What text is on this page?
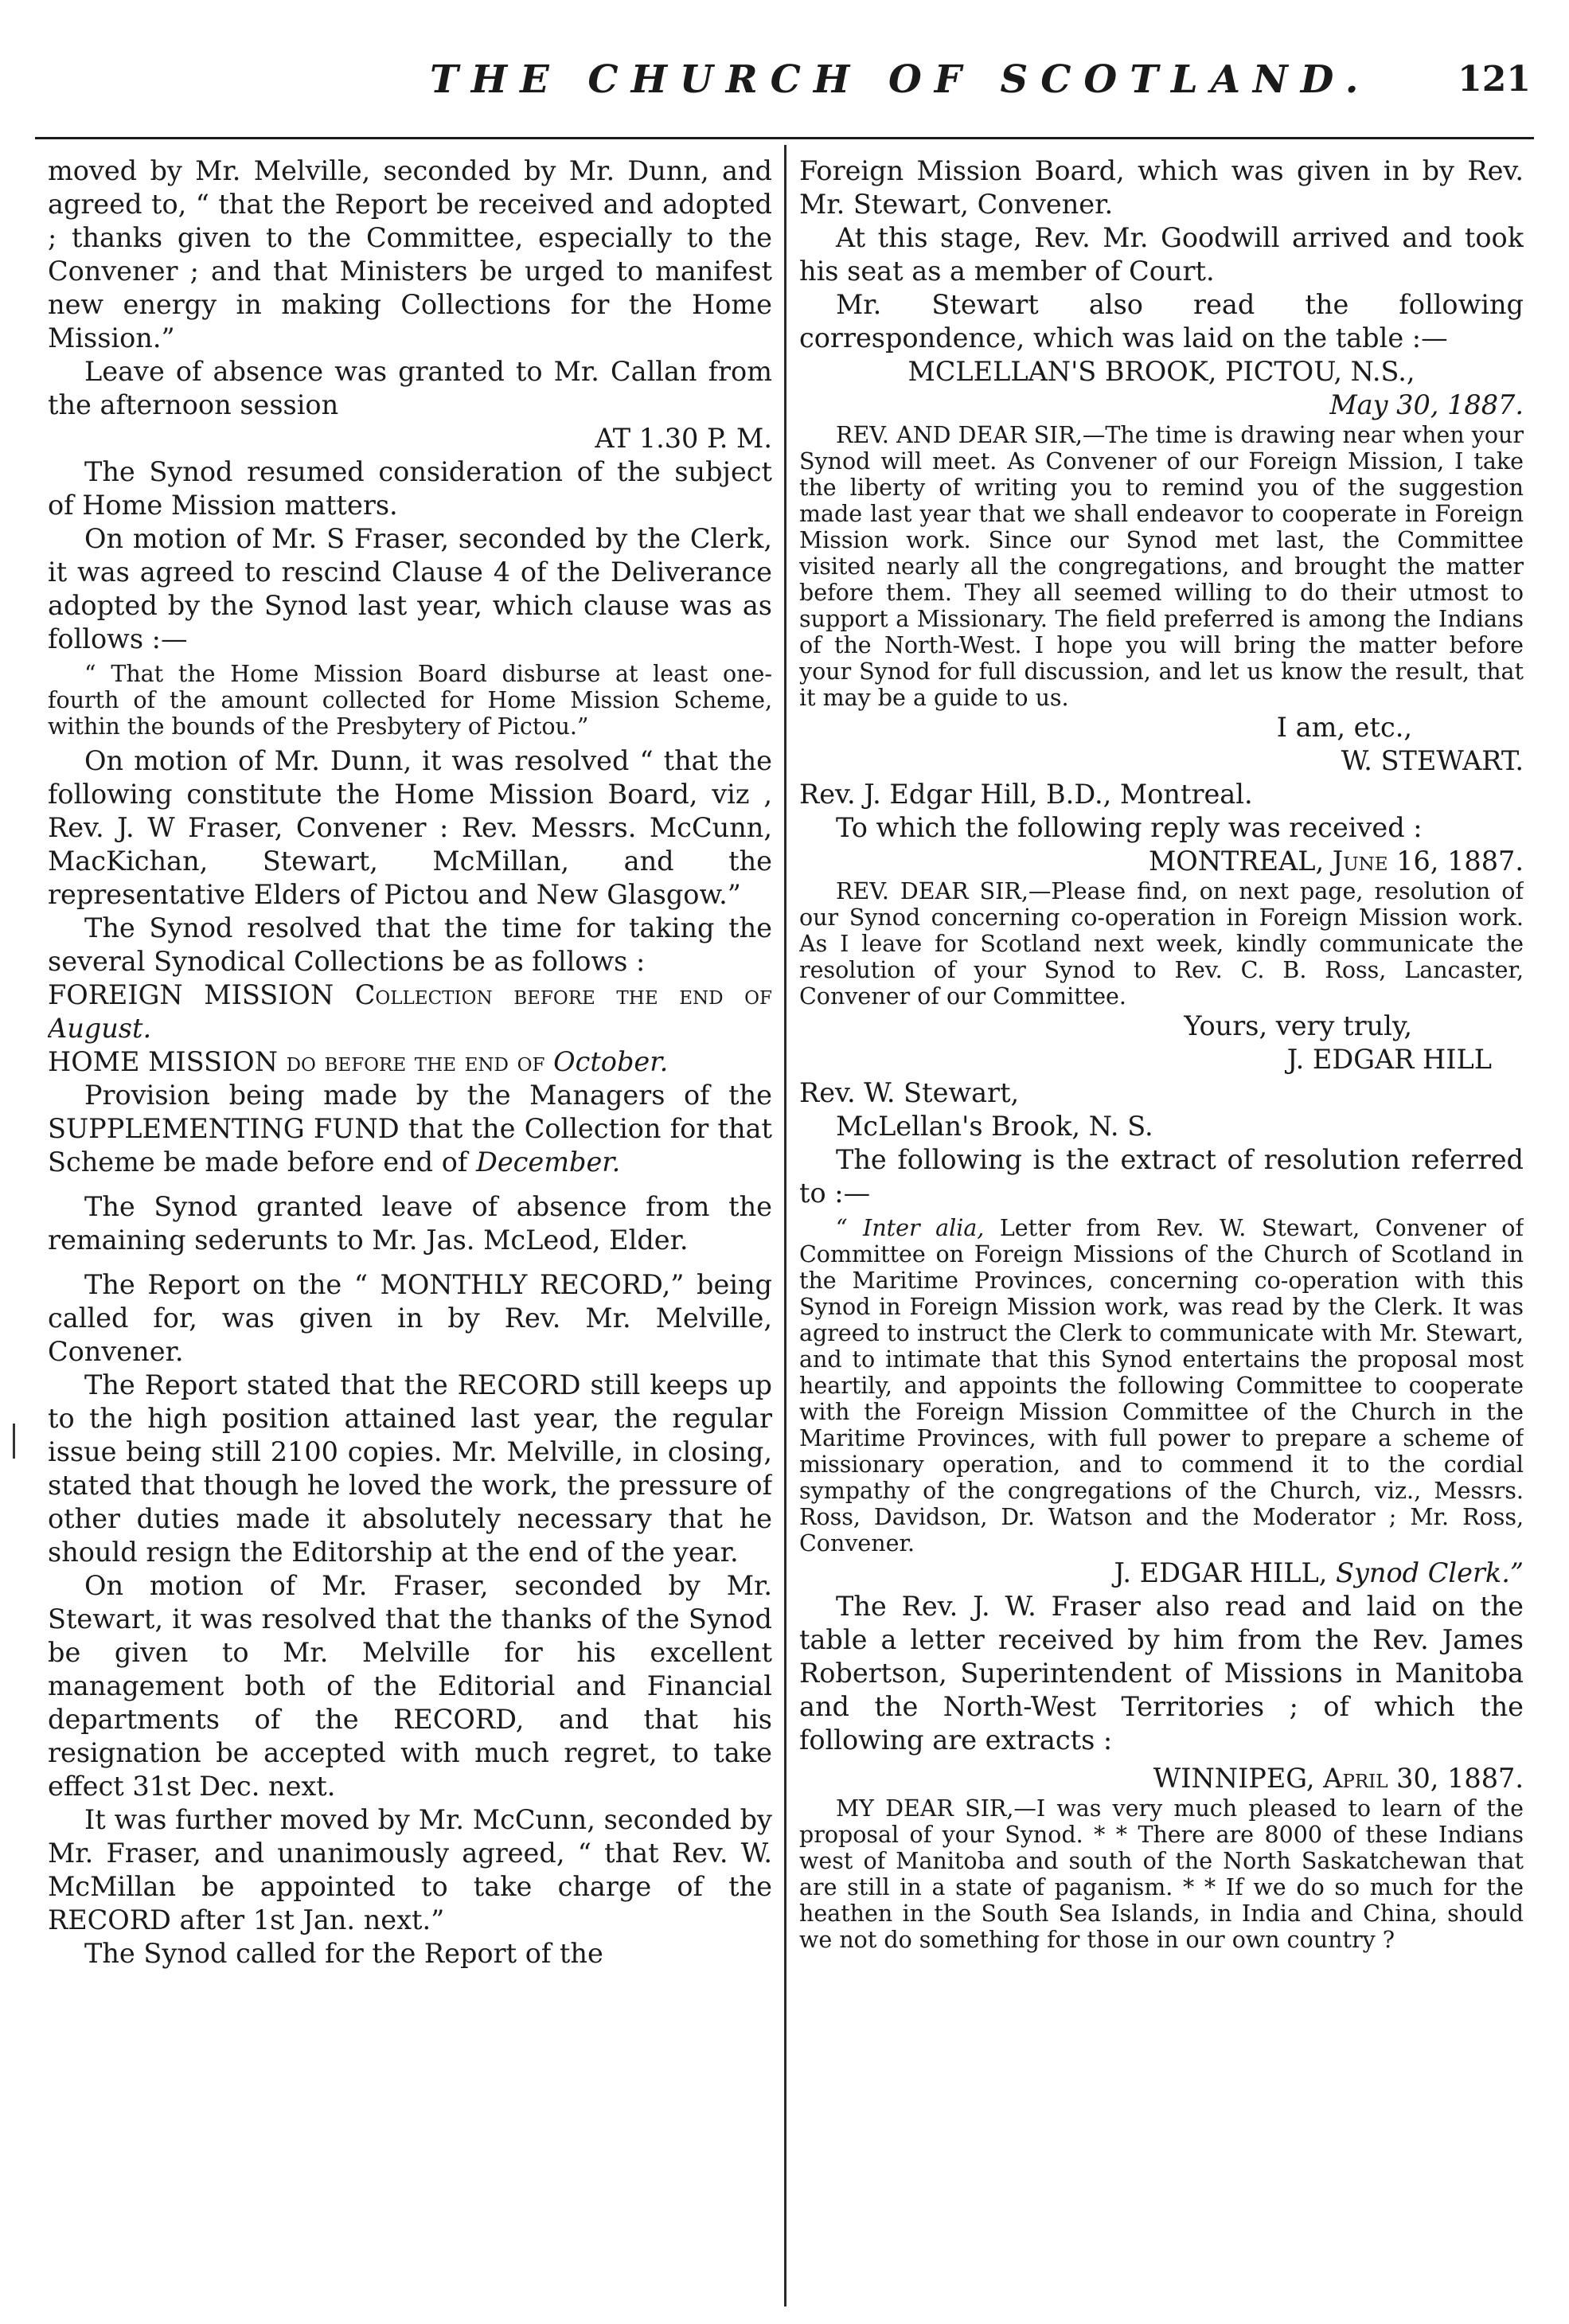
THE CHURCH OF SCOTLAND. 121

moved by Mr. Melville, seconded by Mr. Dunn, and agreed to, “ that the Report be received and adopted ; thanks given to the Committee, especially to the Convener ; and that Ministers be urged to manifest new energy in making Collections for the Home Mission.”

Leave of absence was granted to Mr. Callan from the afternoon session

AT 1.30 P. M.

The Synod resumed consideration of the subject of Home Mission matters.

On motion of Mr. S Fraser, seconded by the Clerk, it was agreed to rescind Clause 4 of the Deliverance adopted by the Synod last year, which clause was as follows :—

“ That the Home Mission Board disburse at least one-fourth of the amount collected for Home Mission Scheme, within the bounds of the Presbytery of Pictou.”

On motion of Mr. Dunn, it was resolved “ that the following constitute the Home Mission Board, viz , Rev. J. W Fraser, Convener : Rev. Messrs. McCunn, MacKichan, Stewart, McMillan, and the representative Elders of Pictou and New Glasgow.”

The Synod resolved that the time for taking the several Synodical Collections be as follows :

FOREIGN MISSION Collection before the end of August.

HOME MISSION do before the end of October.

Provision being made by the Managers of the SUPPLEMENTING FUND that the Collection for that Scheme be made before end of December.

The Synod granted leave of absence from the remaining sederunts to Mr. Jas. McLeod, Elder.

The Report on the “ MONTHLY RECORD,” being called for, was given in by Rev. Mr. Melville, Convener.

The Report stated that the RECORD still keeps up to the high position attained last year, the regular issue being still 2100 copies. Mr. Melville, in closing, stated that though he loved the work, the pressure of other duties made it absolutely necessary that he should resign the Editorship at the end of the year.

On motion of Mr. Fraser, seconded by Mr. Stewart, it was resolved that the thanks of the Synod be given to Mr. Melville for his excellent management both of the Editorial and Financial departments of the RECORD, and that his resignation be accepted with much regret, to take effect 31st Dec. next.

It was further moved by Mr. McCunn, seconded by Mr. Fraser, and unanimously agreed, “ that Rev. W. McMillan be appointed to take charge of the RECORD after 1st Jan. next.”

The Synod called for the Report of the

Foreign Mission Board, which was given in by Rev. Mr. Stewart, Convener.

At this stage, Rev. Mr. Goodwill arrived and took his seat as a member of Court.

Mr. Stewart also read the following correspondence, which was laid on the table :—

MCLELLAN'S BROOK, PICTOU, N.S.,

May 30, 1887.

REV. AND DEAR SIR,—The time is drawing near when your Synod will meet. As Convener of our Foreign Mission, I take the liberty of writing you to remind you of the suggestion made last year that we shall endeavor to cooperate in Foreign Mission work. Since our Synod met last, the Committee visited nearly all the congregations, and brought the matter before them. They all seemed willing to do their utmost to support a Missionary. The field preferred is among the Indians of the North-West. I hope you will bring the matter before your Synod for full discussion, and let us know the result, that it may be a guide to us.

I am, etc.,

W. STEWART.

Rev. J. Edgar Hill, B.D., Montreal.

To which the following reply was received :

MONTREAL, June 16, 1887.

REV. DEAR SIR,—Please find, on next page, resolution of our Synod concerning co-operation in Foreign Mission work. As I leave for Scotland next week, kindly communicate the resolution of your Synod to Rev. C. B. Ross, Lancaster, Convener of our Committee.

Yours, very truly,

J. EDGAR HILL

Rev. W. Stewart,

McLellan's Brook, N. S.

The following is the extract of resolution referred to :—

“ Inter alia, Letter from Rev. W. Stewart, Convener of Committee on Foreign Missions of the Church of Scotland in the Maritime Provinces, concerning co-operation with this Synod in Foreign Mission work, was read by the Clerk. It was agreed to instruct the Clerk to communicate with Mr. Stewart, and to intimate that this Synod entertains the proposal most heartily, and appoints the following Committee to cooperate with the Foreign Mission Committee of the Church in the Maritime Provinces, with full power to prepare a scheme of missionary operation, and to commend it to the cordial sympathy of the congregations of the Church, viz., Messrs. Ross, Davidson, Dr. Watson and the Moderator ; Mr. Ross, Convener.

J. EDGAR HILL, Synod Clerk.”

The Rev. J. W. Fraser also read and laid on the table a letter received by him from the Rev. James Robertson, Superintendent of Missions in Manitoba and the North-West Territories ; of which the following are extracts :

WINNIPEG, April 30, 1887.

MY DEAR SIR,—I was very much pleased to learn of the proposal of your Synod. * * There are 8000 of these Indians west of Manitoba and south of the North Saskatchewan that are still in a state of paganism. * * If we do so much for the heathen in the South Sea Islands, in India and China, should we not do something for those in our own country ?
